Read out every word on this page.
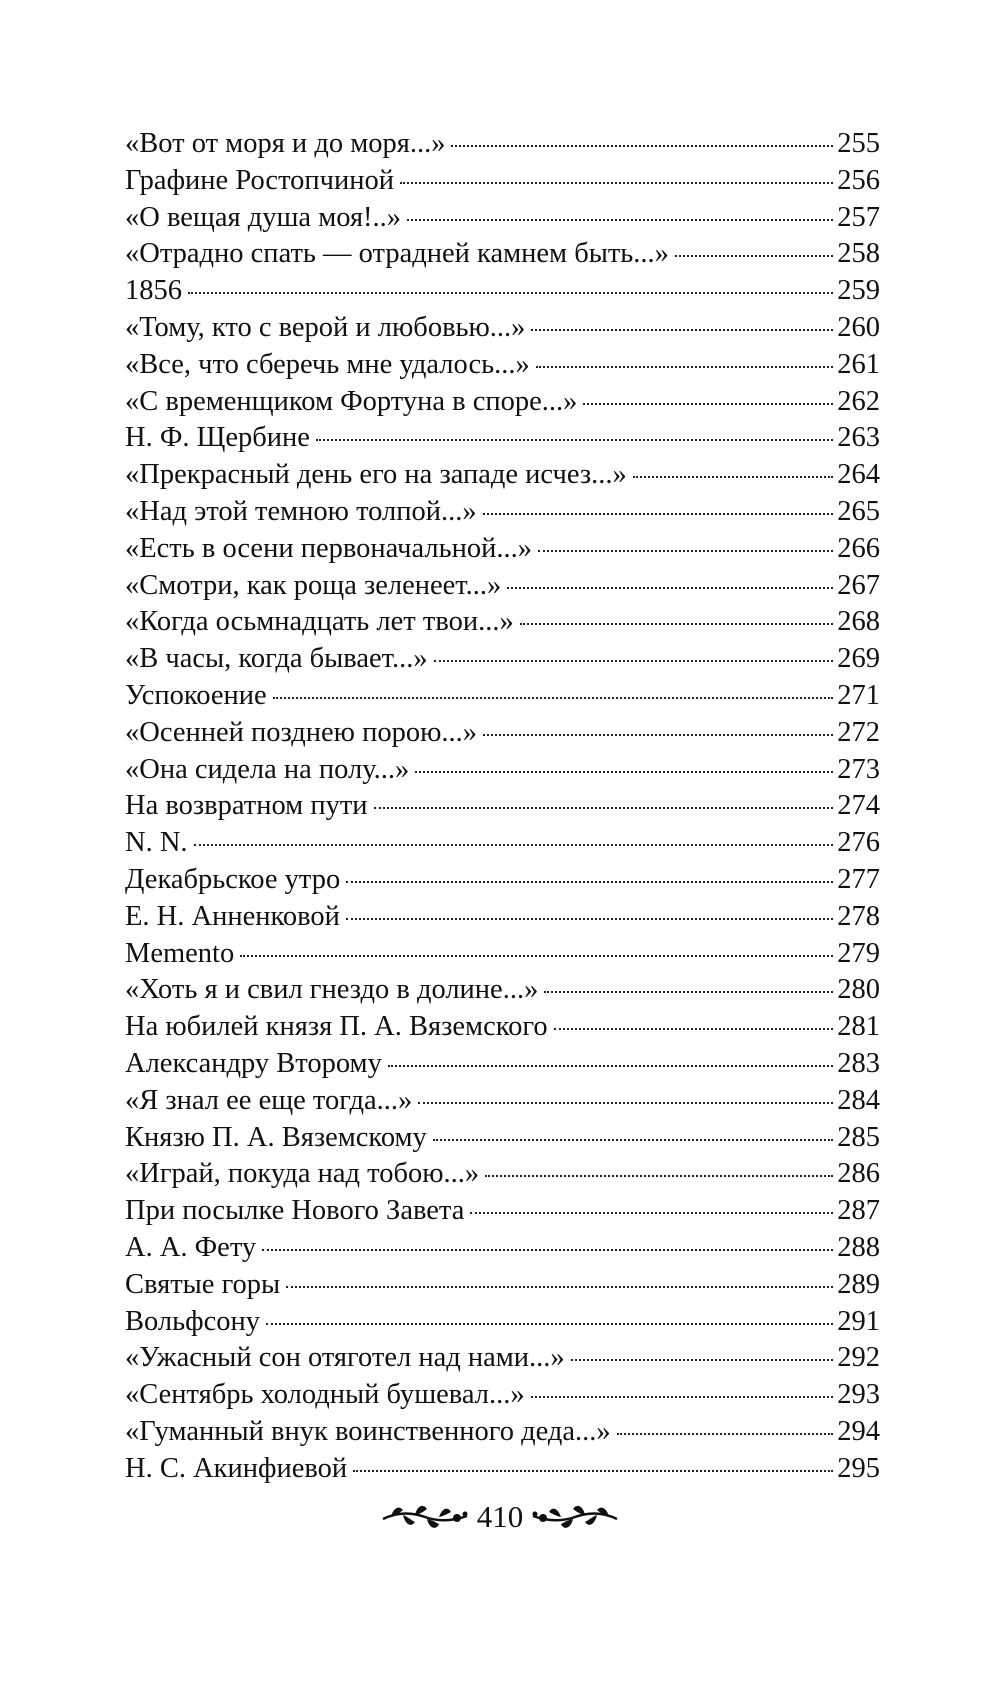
«Вот от моря и до моря...»	255
Графине Ростопчиной	256
«О вещая душа моя!..»	257
«Отрадно спать — отрадней камнем быть...»	258
1856	259
«Тому, кто с верой и любовью...»	260
«Все, что сберечь мне удалось...»	261
«С временщиком Фортуна в споре...»	262
Н. Ф. Щербине	263
«Прекрасный день его на западе исчез...»	264
«Над этой темною толпой...»	265
«Есть в осени первоначальной...»	266
«Смотри, как роща зеленеет...»	267
«Когда осьмнадцать лет твои...»	268
«В часы, когда бывает...»	269
Успокоение	271
«Осенней позднею порою...»	272
«Она сидела на полу...»	273
На возвратном пути	274
N. N.	276
Декабрьское утро	277
Е. Н. Анненковой	278
Memento	279
«Хоть я и свил гнездо в долине...»	280
На юбилей князя П. А. Вяземского	281
Александру Второму	283
«Я знал ее еще тогда...»	284
Князю П. А. Вяземскому	285
«Играй, покуда над тобою...»	286
При посылке Нового Завета	287
А. А. Фету	288
Святые горы	289
Вольфсону	291
«Ужасный сон отяготел над нами...»	292
«Сентябрь холодный бушевал...»	293
«Гуманный внук воинственного деда...»	294
Н. С. Акинфиевой	295
410
